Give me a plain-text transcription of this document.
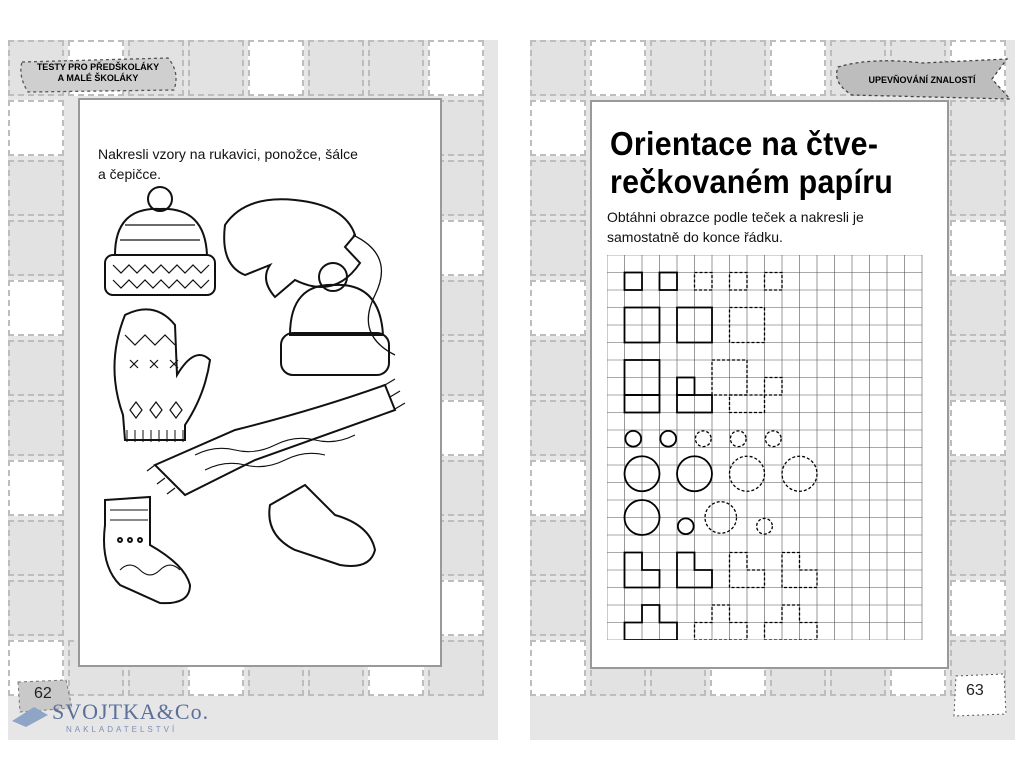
TESTY PRO PŘEDŠKOLÁKY
A MALÉ ŠKOLÁKY
Nakresli vzory na rukavici, ponožce, šálce
a čepičce.
62
SVOJTKA&Co.
NAKLADATELSTVÍ
UPEVŇOVÁNÍ ZNALOSTÍ
Orientace na čtve-
rečkovaném papíru
Obtáhni obrazce podle teček a nakresli je
samostatně do konce řádku.
63
